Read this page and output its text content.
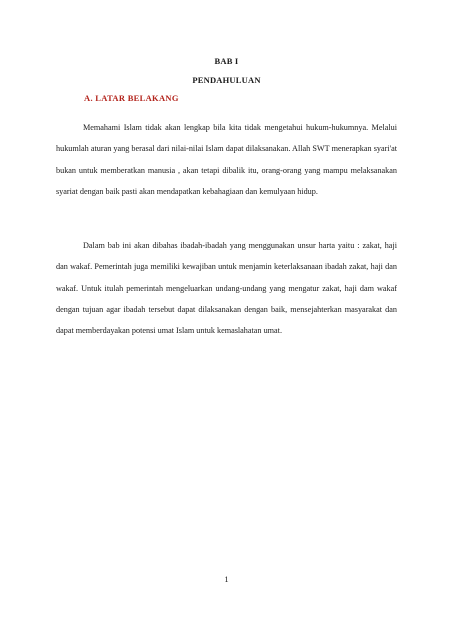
BAB I
PENDAHULUAN
A. LATAR BELAKANG

Memahami Islam tidak akan lengkap bila kita tidak mengetahui hukum-hukumnya. Melalui hukumlah aturan yang berasal dari nilai-nilai Islam dapat dilaksanakan. Allah SWT menerapkan syari'at bukan untuk memberatkan manusia , akan tetapi dibalik itu, orang-orang yang mampu melaksanakan syariat dengan baik pasti akan mendapatkan kebahagiaan dan kemulyaan hidup.

Dalam bab ini akan dibahas ibadah-ibadah yang menggunakan unsur harta yaitu : zakat, haji dan wakaf. Pemerintah juga memiliki kewajiban untuk menjamin keterlaksanaan ibadah zakat, haji dan wakaf. Untuk itulah pemerintah mengeluarkan undang-undang yang mengatur zakat, haji dam wakaf dengan tujuan agar ibadah tersebut dapat dilaksanakan dengan baik, mensejahterkan masyarakat dan dapat memberdayakan potensi umat Islam untuk kemaslahatan umat.

1
